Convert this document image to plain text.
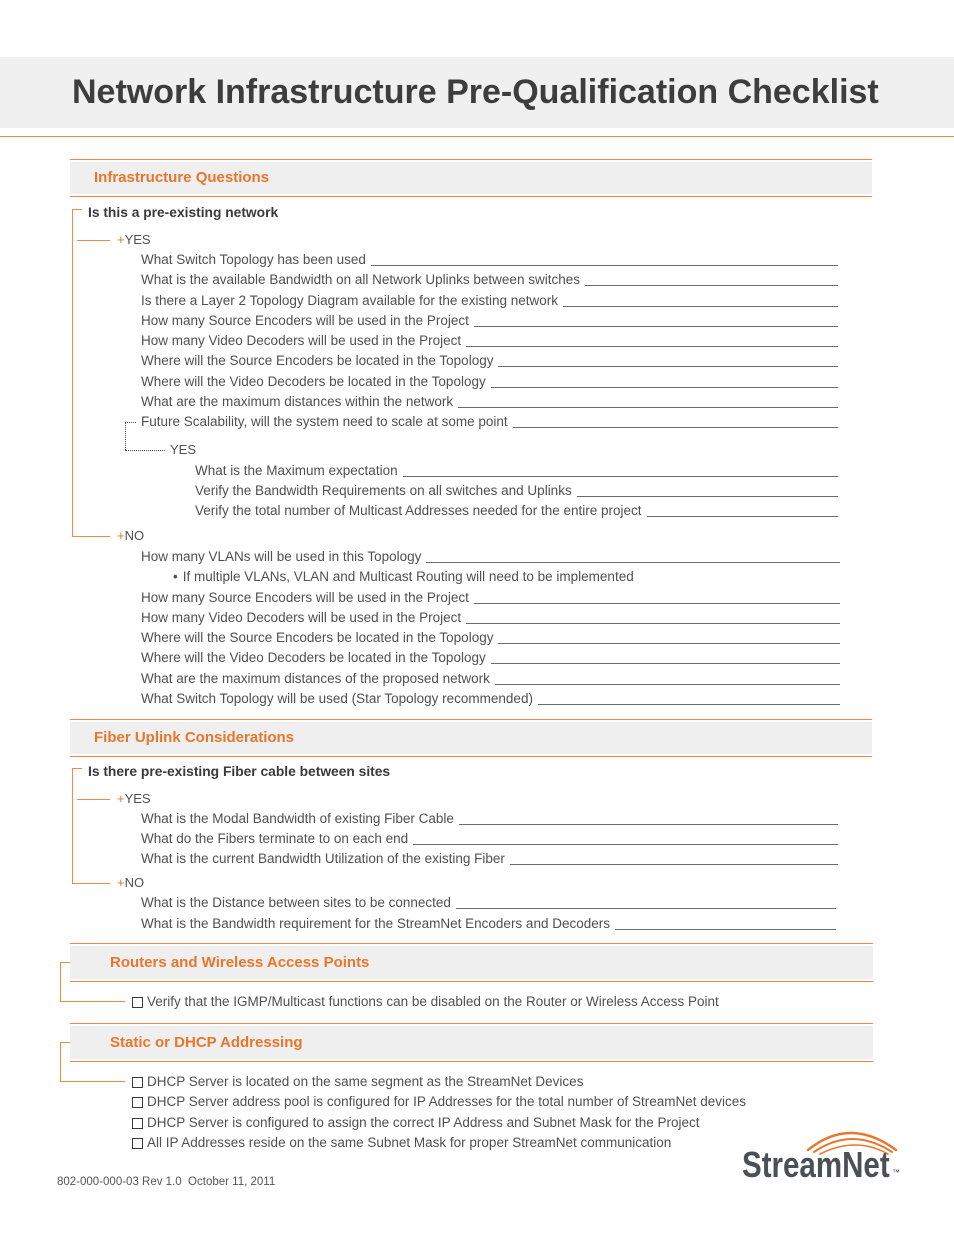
Network Infrastructure Pre-Qualification Checklist
Infrastructure Questions
Is this a pre-existing network
+YES
What Switch Topology has been used
What is the available Bandwidth on all Network Uplinks between switches
Is there a Layer 2 Topology Diagram available for the existing network
How many Source Encoders will be used in the Project
How many Video Decoders will be used in the Project
Where will the Source Encoders be located in the Topology
Where will the Video Decoders be located in the Topology
What are the maximum distances within the network
Future Scalability, will the system need to scale at some point
YES
What is the Maximum expectation
Verify the Bandwidth Requirements on all switches and Uplinks
Verify the total number of Multicast Addresses needed for the entire project
+NO
How many VLANs will be used in this Topology
• If multiple VLANs, VLAN and Multicast Routing will need to be implemented
How many Source Encoders will be used in the Project
How many Video Decoders will be used in the Project
Where will the Source Encoders be located in the Topology
Where will the Video Decoders be located in the Topology
What are the maximum distances of the proposed network
What Switch Topology will be used (Star Topology recommended)
Fiber Uplink Considerations
Is there pre-existing Fiber cable between sites
+YES
What is the Modal Bandwidth of existing Fiber Cable
What do the Fibers terminate to on each end
What is the current Bandwidth Utilization of the existing Fiber
+NO
What is the Distance between sites to be connected
What is the Bandwidth requirement for the StreamNet Encoders and Decoders
Routers and Wireless Access Points
Verify that the IGMP/Multicast functions can be disabled on the Router or Wireless Access Point
Static or DHCP Addressing
DHCP Server is located on the same segment as the StreamNet Devices
DHCP Server address pool is configured for IP Addresses for the total number of StreamNet devices
DHCP Server is configured to assign the correct IP Address and Subnet Mask for the Project
All IP Addresses reside on the same Subnet Mask for proper StreamNet communication
802-000-000-03 Rev 1.0  October 11, 2011	StreamNet ™
